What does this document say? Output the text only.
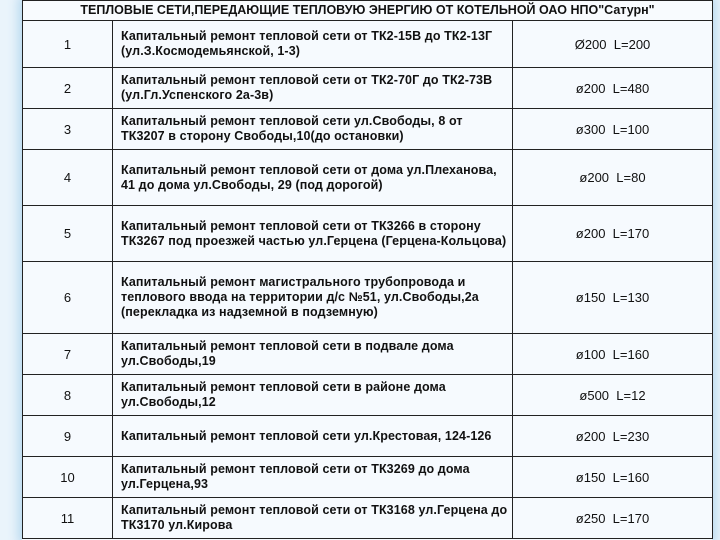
ТЕПЛОВЫЕ СЕТИ,ПЕРЕДАЮЩИЕ ТЕПЛОВУЮ ЭНЕРГИЮ ОТ КОТЕЛЬНОЙ ОАО НПО"Сатурн"		
1	Капитальный ремонт тепловой сети от ТК2-15В до ТК2-13Г (ул.З.Космодемьянской, 1-3)	Ø200 L=200
2	Капитальный ремонт тепловой сети от ТК2-70Г до ТК2-73В (ул.Гл.Успенского 2а-3в)	ø200 L=480
3	Капитальный ремонт тепловой сети ул.Свободы, 8 от ТК3207 в сторону Свободы,10(до остановки)	ø300 L=100
4	Капитальный ремонт тепловой сети от дома ул.Плеханова, 41 до дома ул.Свободы, 29 (под дорогой)	ø200 L=80
5	Капитальный ремонт тепловой сети от ТК3266 в сторону ТК3267 под проезжей частью ул.Герцена (Герцена-Кольцова)	ø200 L=170
6	Капитальный ремонт магистрального трубопровода и теплового ввода на территории д/с №51, ул.Свободы,2а (перекладка из надземной в подземную)	ø150 L=130
7	Капитальный ремонт тепловой сети в подвале дома ул.Свободы,19	ø100 L=160
8	Капитальный ремонт тепловой сети в районе дома ул.Свободы,12	ø500 L=12
9	Капитальный ремонт тепловой сети ул.Крестовая, 124-126	ø200 L=230
10	Капитальный ремонт тепловой сети от ТК3269 до дома ул.Герцена,93	ø150 L=160
11	Капитальный ремонт тепловой сети от ТК3168 ул.Герцена до ТК3170 ул.Кирова	ø250 L=170
